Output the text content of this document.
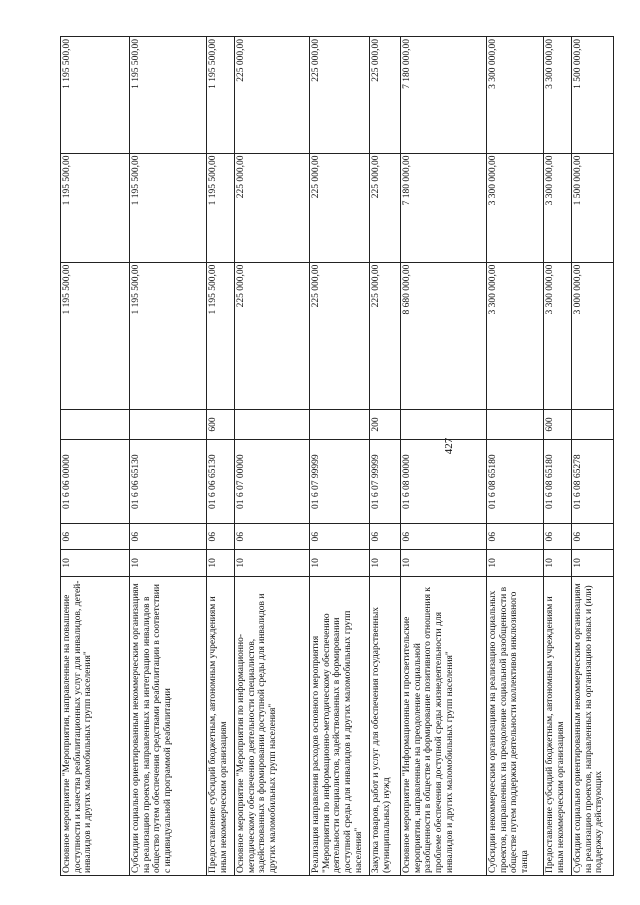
427
Основное мероприятие "Мероприятия, направленные на повышение доступности и качества реабилитационных услуг для инвалидов, детей-инвалидов и других маломобильных групп населения"	10	06	01 6 06 00000		1 195 500,00	1 195 500,00	1 195 500,00
Субсидии социально ориентированным некоммерческим организациям на реализацию проектов, направленных на интеграцию инвалидов в общество путем обеспечения средствами реабилитации в соответствии с индивидуальной программой реабилитации	10	06	01 6 06 65130		1 195 500,00	1 195 500,00	1 195 500,00
Предоставление субсидий бюджетным, автономным учреждениям и иным некоммерческим организациям	10	06	01 6 06 65130	600	1 195 500,00	1 195 500,00	1 195 500,00
Основное мероприятие "Мероприятия по информационно-методическому обеспечению деятельности специалистов, задействованных в формировании доступной среды для инвалидов и других маломобильных групп населения"	10	06	01 6 07 00000		225 000,00	225 000,00	225 000,00
Реализация направления расходов основного мероприятия "Мероприятия по информационно-методическому обеспечению деятельности специалистов, задействованных в формировании доступной среды для инвалидов и других маломобильных групп населения"	10	06	01 6 07 99999		225 000,00	225 000,00	225 000,00
Закупка товаров, работ и услуг для обеспечения государственных (муниципальных) нужд	10	06	01 6 07 99999	200	225 000,00	225 000,00	225 000,00
Основное мероприятие "Информационные и просветительские мероприятия, направленные на преодоление социальной разобщенности в обществе и формирование позитивного отношения к проблеме обеспечения доступной среды жизнедеятельности для инвалидов и других маломобильных групп населения"	10	06	01 6 08 00000		8 680 000,00	7 180 000,00	7 180 000,00
Субсидии некоммерческим организациям на реализацию социальных проектов, направленных на преодоление социальной разобщенности в обществе путем поддержки деятельности коллективов инклюзивного танца	10	06	01 6 08 65180		3 300 000,00	3 300 000,00	3 300 000,00
Предоставление субсидий бюджетным, автономным учреждениям и иным некоммерческим организациям	10	06	01 6 08 65180	600	3 300 000,00	3 300 000,00	3 300 000,00
Субсидии социально ориентированным некоммерческим организациям на реализацию проектов, направленных на организацию новых и (или) поддержку действующих	10	06	01 6 08 65278		3 000 000,00	1 500 000,00	1 500 000,00
